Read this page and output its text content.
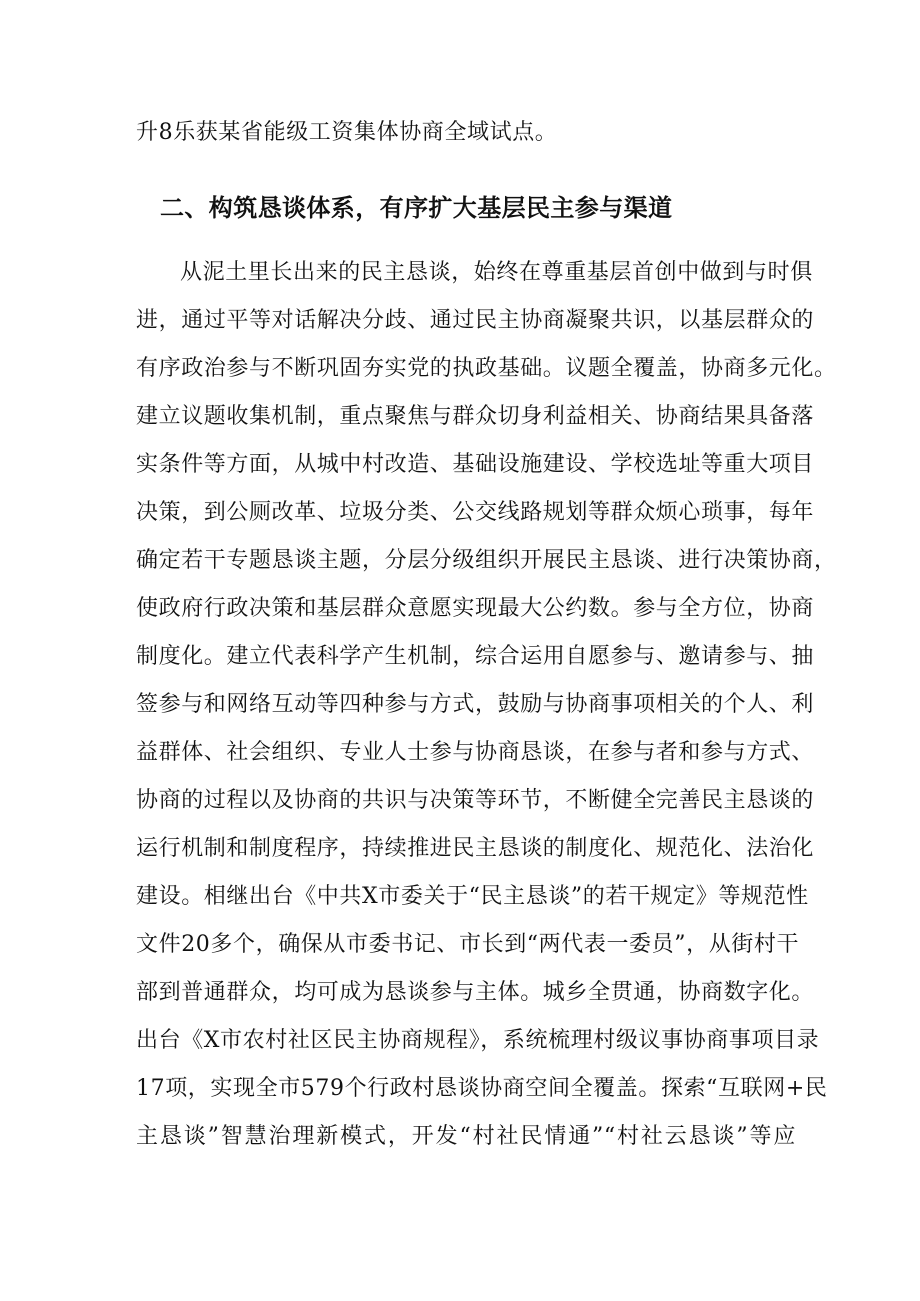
升8乐获某省能级工资集体协商全域试点。
二、构筑恳谈体系，有序扩大基层民主参与渠道
从泥土里长出来的民主恳谈，始终在尊重基层首创中做到与时俱
进，通过平等对话解决分歧、通过民主协商凝聚共识，以基层群众的
有序政治参与不断巩固夯实党的执政基础。议题全覆盖，协商多元化。
建立议题收集机制，重点聚焦与群众切身利益相关、协商结果具备落
实条件等方面，从城中村改造、基础设施建设、学校选址等重大项目
决策，到公厕改革、垃圾分类、公交线路规划等群众烦心琐事，每年
确定若干专题恳谈主题，分层分级组织开展民主恳谈、进行决策协商，
使政府行政决策和基层群众意愿实现最大公约数。参与全方位，协商
制度化。建立代表科学产生机制，综合运用自愿参与、邀请参与、抽
签参与和网络互动等四种参与方式，鼓励与协商事项相关的个人、利
益群体、社会组织、专业人士参与协商恳谈，在参与者和参与方式、
协商的过程以及协商的共识与决策等环节，不断健全完善民主恳谈的
运行机制和制度程序，持续推进民主恳谈的制度化、规范化、法治化
建设。相继出台《中共X市委关于“民主恳谈”的若干规定》等规范性
文件20多个，确保从市委书记、市长到“两代表一委员”，从街村干
部到普通群众，均可成为恳谈参与主体。城乡全贯通，协商数字化。
出台《X市农村社区民主协商规程》，系统梳理村级议事协商事项目录
17项，实现全市579个行政村恳谈协商空间全覆盖。探索“互联网+民
主恳谈”智慧治理新模式，开发“村社民情通”“村社云恳谈”等应
